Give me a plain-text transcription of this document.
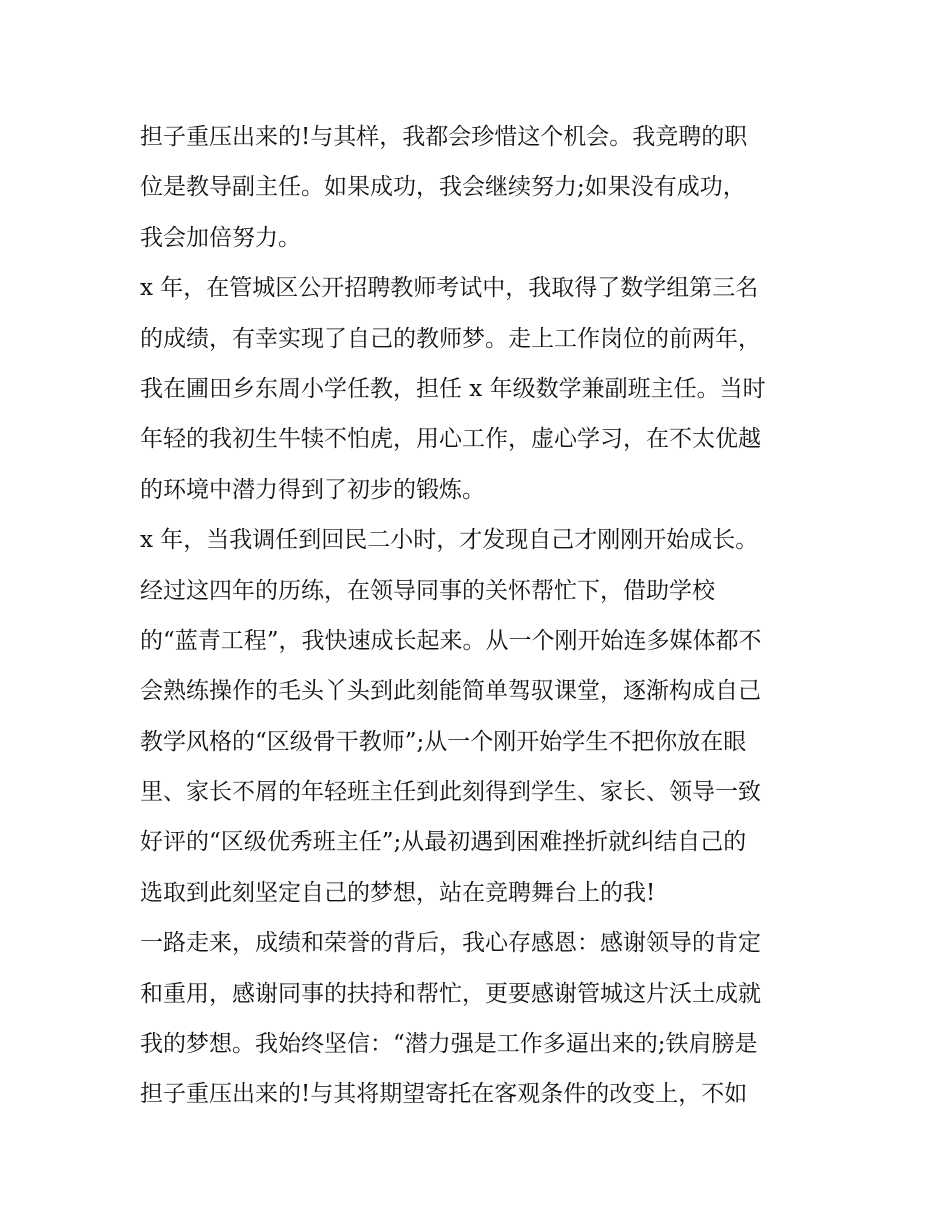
担子重压出来的!与其样，我都会珍惜这个机会。我竞聘的职
位是教导副主任。如果成功，我会继续努力;如果没有成功，
我会加倍努力。
x 年，在管城区公开招聘教师考试中，我取得了数学组第三名
的成绩，有幸实现了自己的教师梦。走上工作岗位的前两年，
我在圃田乡东周小学任教，担任 x 年级数学兼副班主任。当时
年轻的我初生牛犊不怕虎，用心工作，虚心学习，在不太优越
的环境中潜力得到了初步的锻炼。
x 年，当我调任到回民二小时，才发现自己才刚刚开始成长。
经过这四年的历练，在领导同事的关怀帮忙下，借助学校
的“蓝青工程”，我快速成长起来。从一个刚开始连多媒体都不
会熟练操作的毛头丫头到此刻能简单驾驭课堂，逐渐构成自己
教学风格的“区级骨干教师”;从一个刚开始学生不把你放在眼
里、家长不屑的年轻班主任到此刻得到学生、家长、领导一致
好评的“区级优秀班主任”;从最初遇到困难挫折就纠结自己的
选取到此刻坚定自己的梦想，站在竞聘舞台上的我!
一路走来，成绩和荣誉的背后，我心存感恩：感谢领导的肯定
和重用，感谢同事的扶持和帮忙，更要感谢管城这片沃土成就
我的梦想。我始终坚信：“潜力强是工作多逼出来的;铁肩膀是
担子重压出来的!与其将期望寄托在客观条件的改变上，不如
